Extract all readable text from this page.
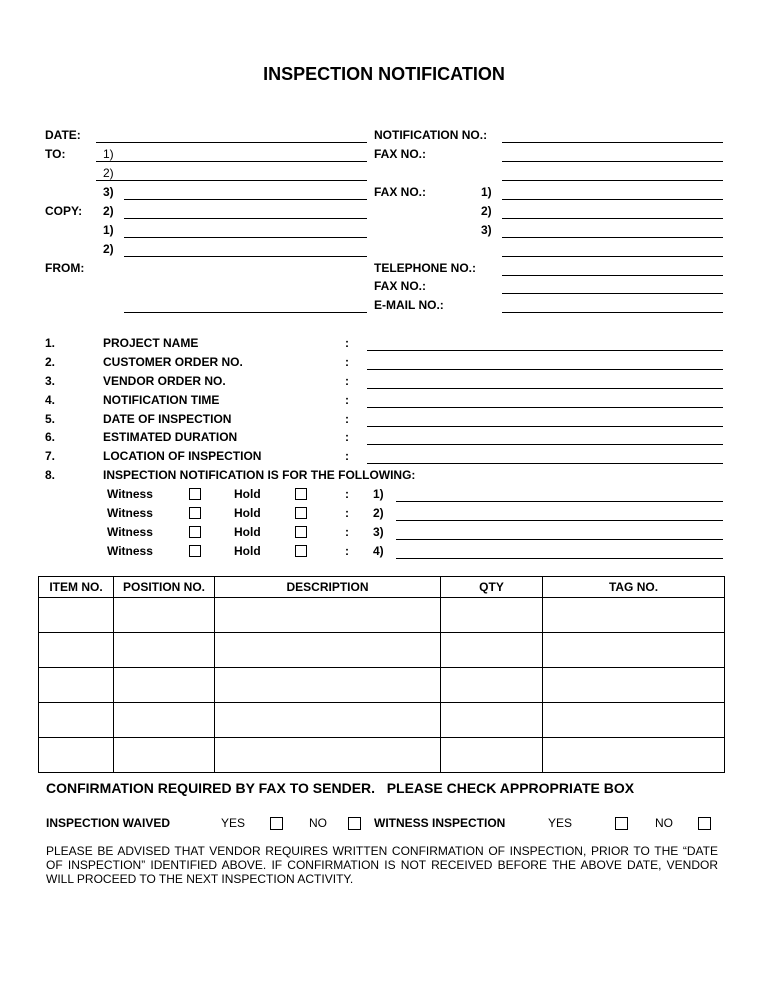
INSPECTION NOTIFICATION
DATE:
TO:	1)
2)
3)
COPY: 2)
1)
2)
FROM:
NOTIFICATION NO.:
FAX NO.:
FAX NO.:	1)
2)
3)
TELEPHONE NO.:
FAX NO.:
E-MAIL NO.:
1.	PROJECT NAME	:
2.	CUSTOMER ORDER NO.	:
3.	VENDOR ORDER NO.	:
4.	NOTIFICATION TIME	:
5.	DATE OF INSPECTION	:
6.	ESTIMATED DURATION	:
7.	LOCATION OF INSPECTION	:
8.	INSPECTION NOTIFICATION IS FOR THE FOLLOWING:
Witness	Hold	: 1)
Witness	Hold	: 2)
Witness	Hold	: 3)
Witness	Hold	: 4)
ITEM NO.	POSITION NO.	DESCRIPTION	QTY	TAG NO.

CONFIRMATION REQUIRED BY FAX TO SENDER.   PLEASE CHECK APPROPRIATE BOX
INSPECTION WAIVED	YES	NO	WITNESS INSPECTION	YES	NO
PLEASE BE ADVISED THAT VENDOR REQUIRES WRITTEN CONFIRMATION OF INSPECTION, PRIOR TO THE “DATE OF INSPECTION” IDENTIFIED ABOVE. IF CONFIRMATION IS NOT RECEIVED BEFORE THE ABOVE DATE, VENDOR WILL PROCEED TO THE NEXT INSPECTION ACTIVITY.
